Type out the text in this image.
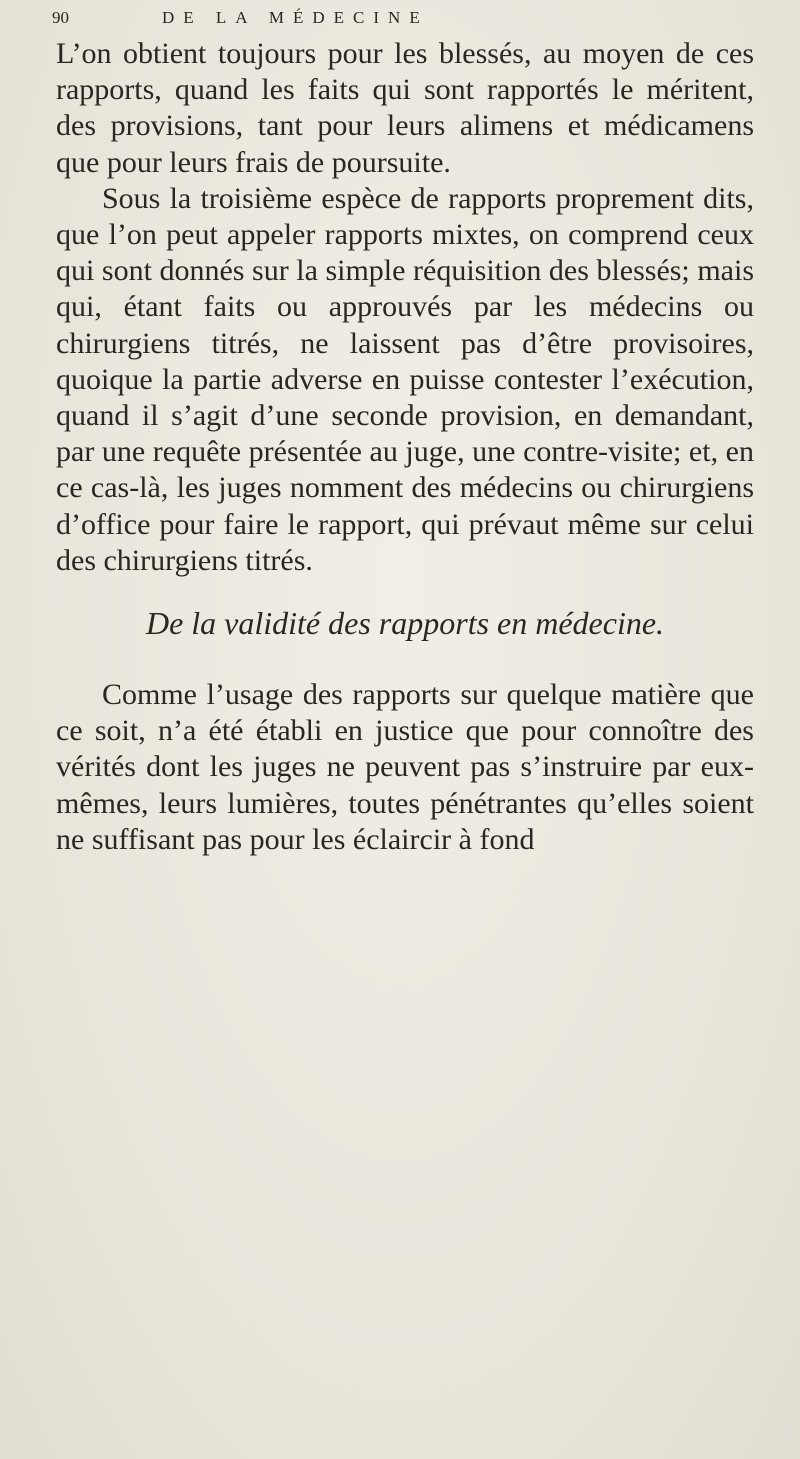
90	DE LA MÉDECINE

L’on obtient toujours pour les blessés, au moyen de ces rapports, quand les faits qui sont rapportés le méritent, des provisions, tant pour leurs alimens et médicamens que pour leurs frais de poursuite.

Sous la troisième espèce de rapports proprement dits, que l’on peut appeler rapports mixtes, on comprend ceux qui sont donnés sur la simple réquisition des blessés; mais qui, étant faits ou approuvés par les médecins ou chirurgiens titrés, ne laissent pas d’être provisoires, quoique la partie adverse en puisse contester l’exécution, quand il s’agit d’une seconde provision, en demandant, par une requête présentée au juge, une contre-visite; et, en ce cas-là, les juges nomment des médecins ou chirurgiens d’office pour faire le rapport, qui prévaut même sur celui des chirurgiens titrés.

De la validité des rapports en médecine.

Comme l’usage des rapports sur quelque matière que ce soit, n’a été établi en justice que pour connoître des vérités dont les juges ne peuvent pas s’instruire par eux-mêmes, leurs lumières, toutes pénétrantes qu’elles soient ne suffisant pas pour les éclaircir à fond
